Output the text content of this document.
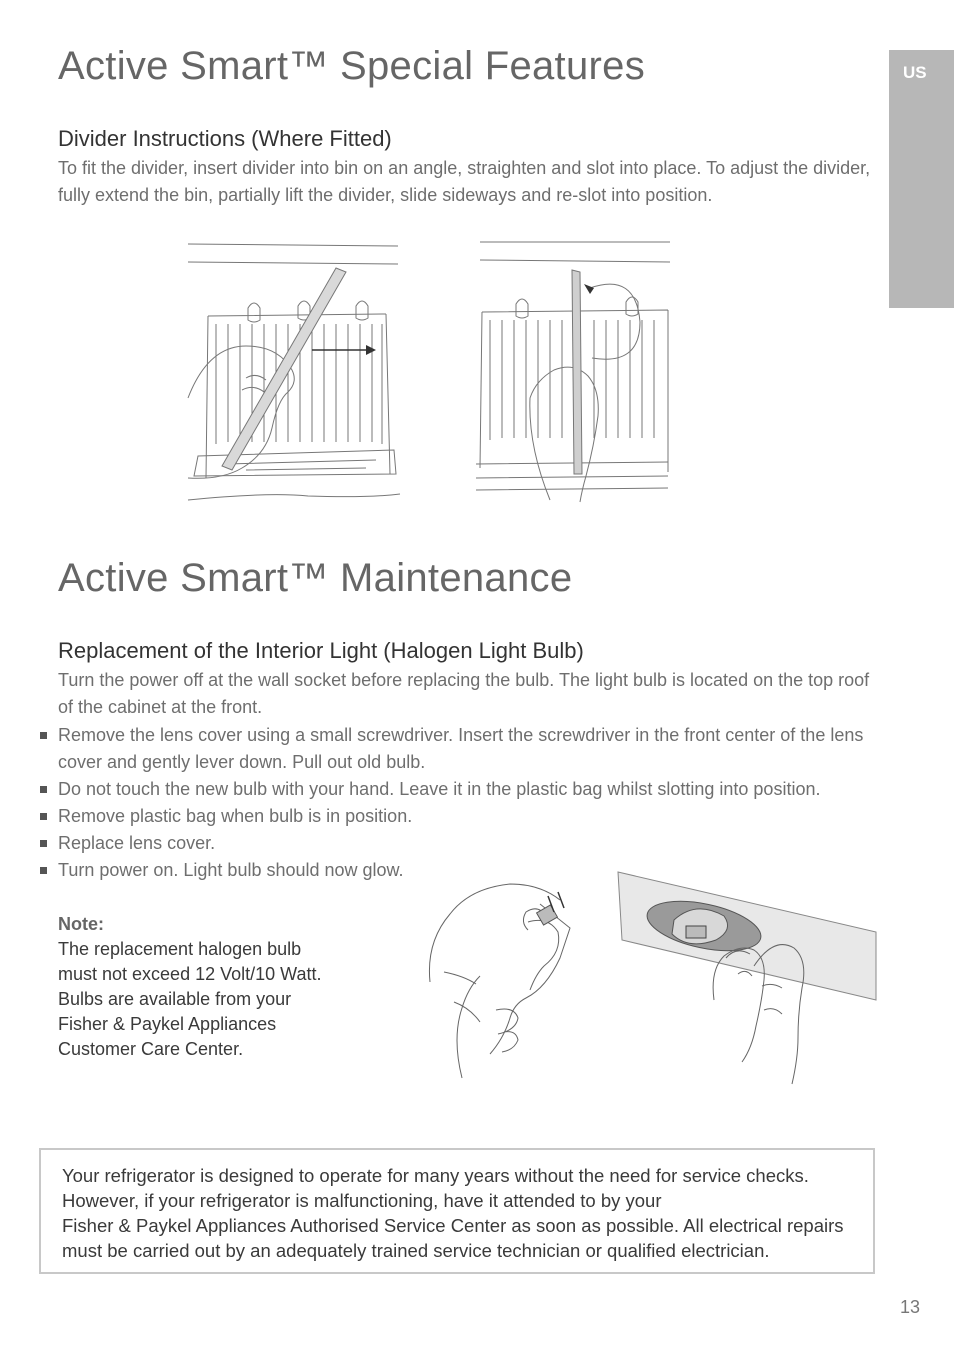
US
Active Smart™ Special Features
Divider Instructions (Where Fitted)
To fit the divider, insert divider into bin on an angle, straighten and slot into place. To adjust the divider, fully extend the bin, partially lift the divider, slide sideways and re-slot into position.
Active Smart™ Maintenance
Replacement of the Interior Light (Halogen Light Bulb)
Turn the power off at the wall socket before replacing the bulb. The light bulb is located on the top roof of the cabinet at the front.
Remove the lens cover using a small screwdriver. Insert the screwdriver in the front center of the lens cover and gently lever down. Pull out old bulb.
Do not touch the new bulb with your hand. Leave it in the plastic bag whilst slotting into position.
Remove plastic bag when bulb is in position.
Replace lens cover.
Turn power on. Light bulb should now glow.
Note:
The replacement halogen bulb
must not exceed 12 Volt/10 Watt.
Bulbs are available from your
Fisher & Paykel Appliances
Customer Care Center.
Your refrigerator is designed to operate for many years without the need for service checks.
However, if your refrigerator is malfunctioning, have it attended to by your
Fisher & Paykel Appliances Authorised Service Center as soon as possible. All electrical repairs
must be carried out by an adequately trained service technician or qualified electrician.
13
